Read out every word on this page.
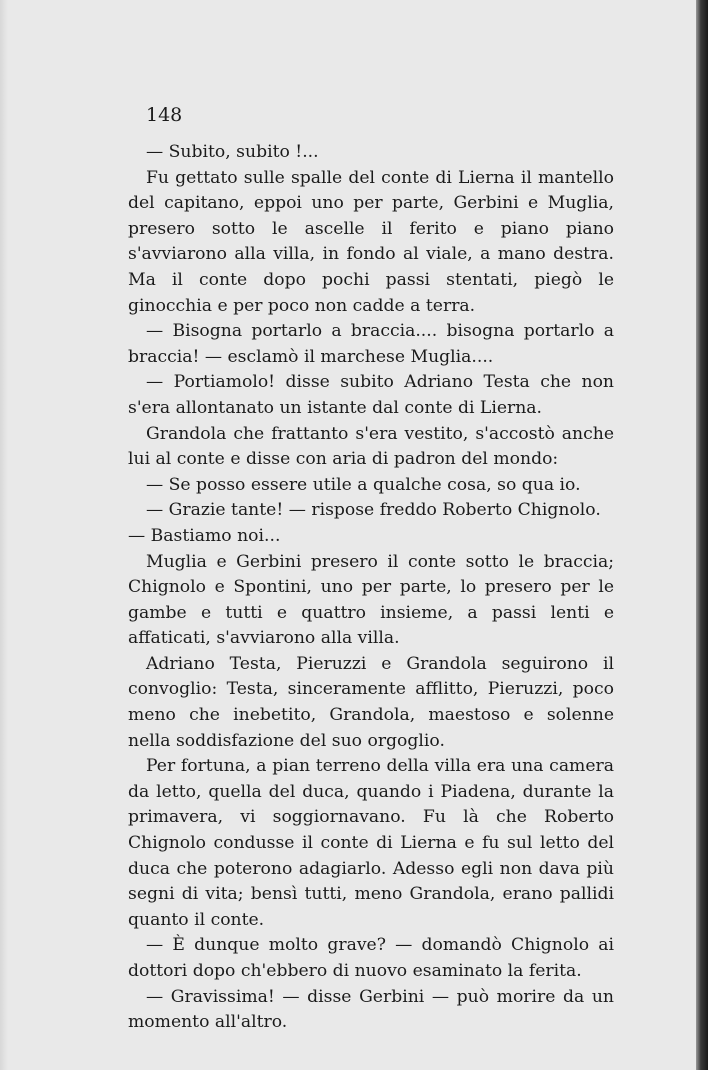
148

— Subito, subito !...

Fu gettato sulle spalle del conte di Lierna il mantello del capitano, eppoi uno per parte, Gerbini e Muglia, presero sotto le ascelle il ferito e piano piano s'avviarono alla villa, in fondo al viale, a mano destra. Ma il conte dopo pochi passi stentati, piegò le ginocchia e per poco non cadde a terra.

— Bisogna portarlo a braccia.... bisogna portarlo a braccia! — esclamò il marchese Muglia....

— Portiamolo! disse subito Adriano Testa che non s'era allontanato un istante dal conte di Lierna.

Grandola che frattanto s'era vestito, s'accostò anche lui al conte e disse con aria di padron del mondo:

— Se posso essere utile a qualche cosa, so qua io.

— Grazie tante! — rispose freddo Roberto Chignolo.

— Bastiamo noi...

Muglia e Gerbini presero il conte sotto le braccia; Chignolo e Spontini, uno per parte, lo presero per le gambe e tutti e quattro insieme, a passi lenti e affaticati, s'avviarono alla villa.

Adriano Testa, Pieruzzi e Grandola seguirono il convoglio: Testa, sinceramente afflitto, Pieruzzi, poco meno che inebetito, Grandola, maestoso e solenne nella soddisfazione del suo orgoglio.

Per fortuna, a pian terreno della villa era una camera da letto, quella del duca, quando i Piadena, durante la primavera, vi soggiornavano. Fu là che Roberto Chignolo condusse il conte di Lierna e fu sul letto del duca che poterono adagiarlo. Adesso egli non dava più segni di vita; bensì tutti, meno Grandola, erano pallidi quanto il conte.

— È dunque molto grave? — domandò Chignolo ai dottori dopo ch'ebbero di nuovo esaminato la ferita.

— Gravissima! — disse Gerbini — può morire da un momento all'altro.
